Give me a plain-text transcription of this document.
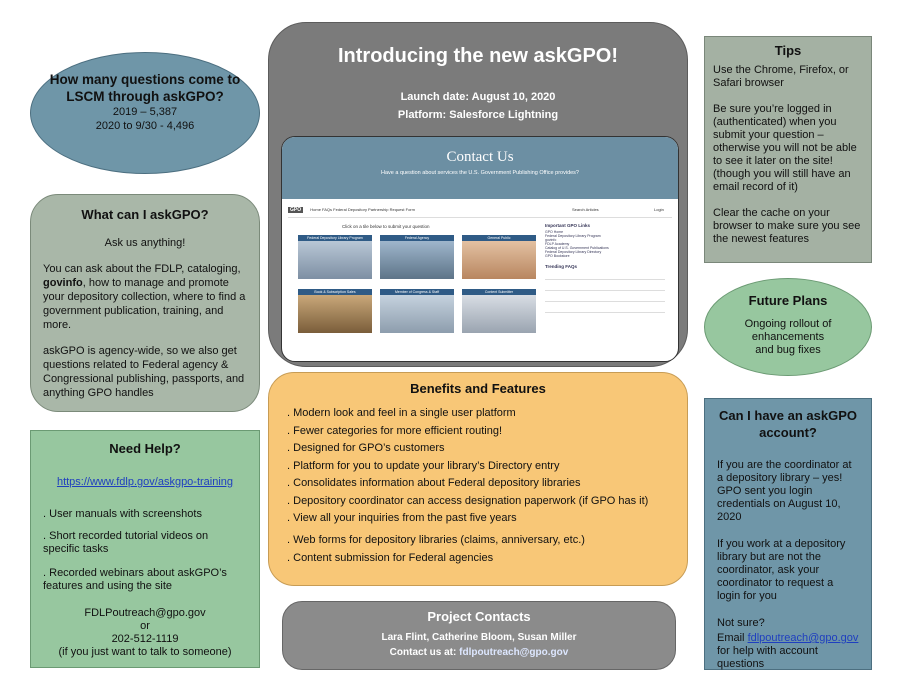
How many questions come to LSCM through askGPO?

2019 – 5,387

2020 to 9/30 - 4,496

What can I askGPO?

Ask us anything!

You can ask about the FDLP, cataloging, govinfo, how to manage and promote your depository collection, where to find a government publication, training, and more.

askGPO is agency-wide, so we also get questions related to Federal agency & Congressional publishing, passports, and anything GPO handles

Need Help?

https://www.fdlp.gov/askgpo-training

. User manuals with screenshots

. Short recorded tutorial videos on specific tasks

. Recorded webinars about askGPO’s features and using the site

FDLPoutreach@gpo.gov

or

202-512-1119

(if you just want to talk to someone)

Introducing the new askGPO!
Launch date: August 10, 2020
Platform: Salesforce Lightning
Contact Us
Have a question about services the U.S. Government Publishing Office provides?
GPO Home FAQs Federal Depository Partnership Request Form	Search Articles	Login
Click on a tile below to submit your question
Federal Depository Library Program	Federal Agency	General Public
Book & Subscription Sales	Member of Congress & Staff	Content Submitter
Important GPO Links
GPO Home
Federal Depository Library Program
govinfo
FDLP Academy
Catalog of U.S. Government Publications
Federal Depository Library Directory
GPO Bookstore
Trending FAQs
Benefits and Features

. Modern look and feel in a single user platform

. Fewer categories for more efficient routing!

. Designed for GPO’s customers

. Platform for you to update your library’s Directory entry

. Consolidates information about Federal depository libraries

. Depository coordinator can access designation paperwork (if GPO has it)

. View all your inquiries from the past five years

. Web forms for depository libraries (claims, anniversary, etc.)

. Content submission for Federal agencies

Project Contacts

Lara Flint, Catherine Bloom, Susan Miller

Contact us at: fdlpoutreach@gpo.gov

Tips

Use the Chrome, Firefox, or Safari browser

Be sure you’re logged in (authenticated) when you submit your question – otherwise you will not be able to see it later on the site! (though you will still have an email record of it)

Clear the cache on your browser to make sure you see the newest features

Future Plans

Ongoing rollout of

enhancements

and bug fixes

Can I have an askGPO account?

If you are the coordinator at a depository library – yes! GPO sent you login credentials on August 10, 2020

If you work at a depository library but are not the coordinator, ask your coordinator to request a login for you

Not sure?

Email fdlpoutreach@gpo.gov for help with account questions
